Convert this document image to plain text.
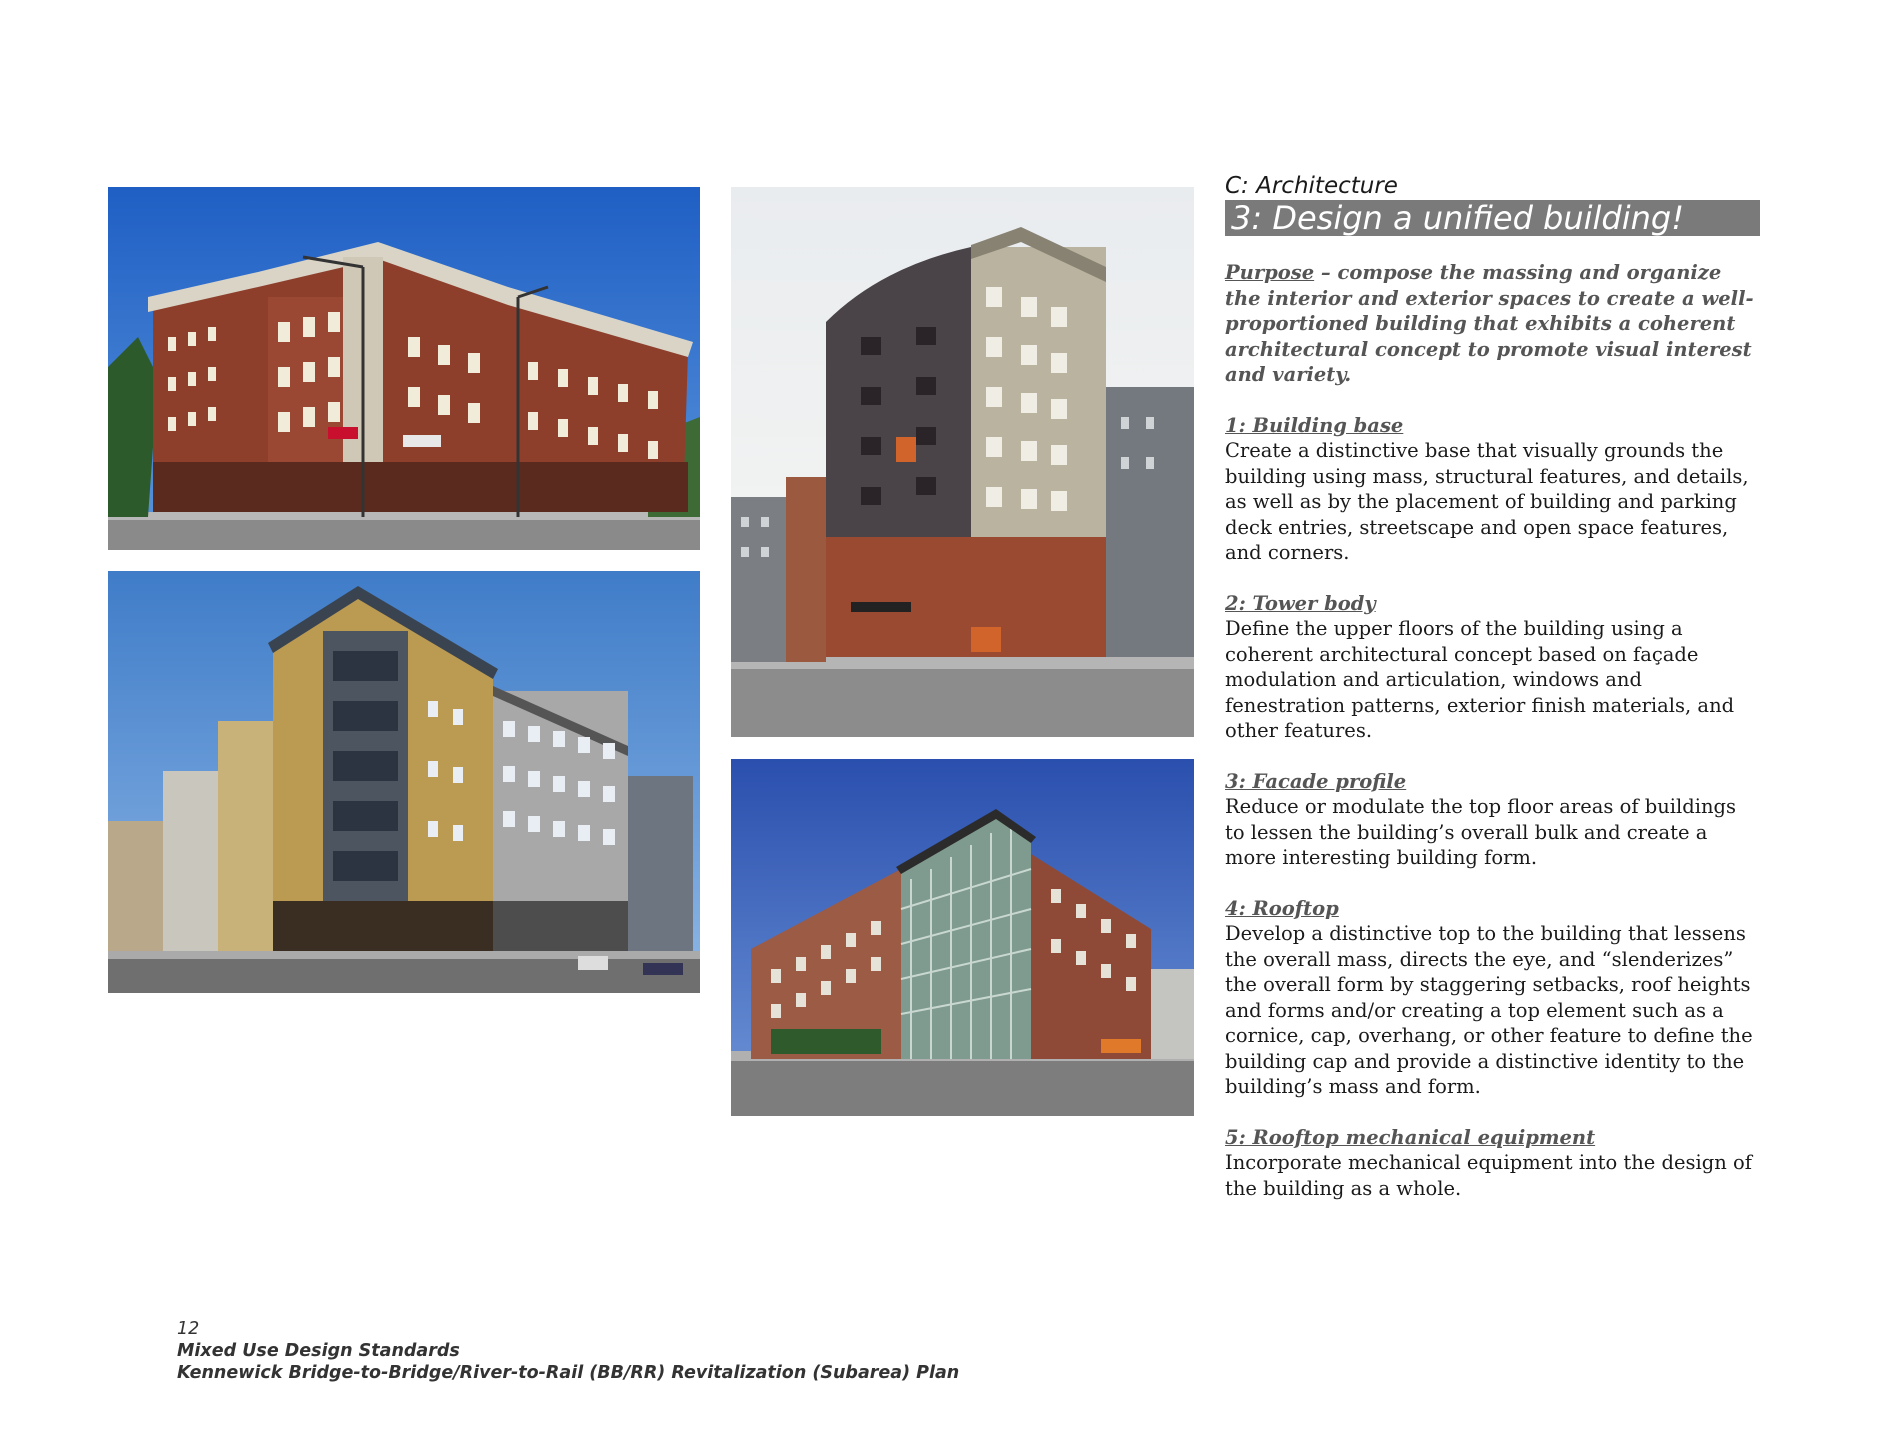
C: Architecture

3: Design a unified building!
Purpose – compose the massing and organize the interior and exterior spaces to create a well-proportioned building that exhibits a coherent architectural concept to promote visual interest and variety.
1: Building base
Create a distinctive base that visually grounds the building using mass, structural features, and details, as well as by the placement of building and parking deck entries, streetscape and open space features, and corners.
2: Tower body
Define the upper floors of the building using a coherent architectural concept based on façade modulation and articulation, windows and fenestration patterns, exterior finish materials, and other features.
3: Facade profile
Reduce or modulate the top floor areas of buildings to lessen the building’s overall bulk and create a more interesting building form.
4: Rooftop
Develop a distinctive top to the building that lessens the overall mass, directs the eye, and “slenderizes” the overall form by staggering setbacks, roof heights and forms and/or creating a top element such as a cornice, cap, overhang, or other feature to define the building cap and provide a distinctive identity to the building’s mass and form.
5: Rooftop mechanical equipment
Incorporate mechanical equipment into the design of the building as a whole.
12
Mixed Use Design Standards
Kennewick Bridge-to-Bridge/River-to-Rail (BB/RR) Revitalization (Subarea) Plan
